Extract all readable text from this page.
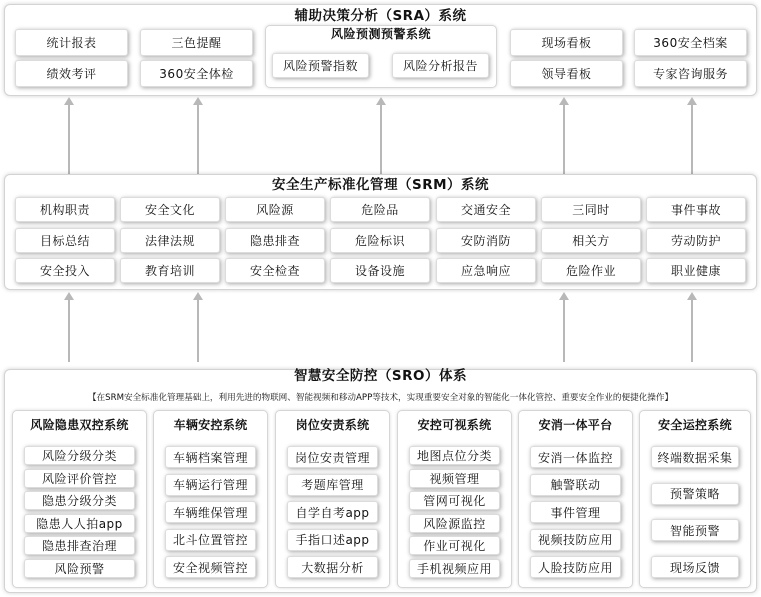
辅助决策分析（SRA）系统
统计报表	三色提醒
绩效考评	360安全体检
风险预测预警系统
风险预警指数	风险分析报告
现场看板	360安全档案
领导看板	专家咨询服务
安全生产标准化管理（SRM）系统
机构职责	安全文化	风险源	危险品	交通安全	三同时	事件事故
目标总结	法律法规	隐患排查	危险标识	安防消防	相关方	劳动防护
安全投入	教育培训	安全检查	设备设施	应急响应	危险作业	职业健康
智慧安全防控（SRO）体系
【在SRM安全标准化管理基础上，利用先进的物联网、智能视频和移动APP等技术，实现重要安全对象的智能化一体化管控、重要安全作业的便捷化操作】
风险隐患双控系统
风险分级分类
风险评价管控
隐患分级分类
隐患人人拍app
隐患排查治理
风险预警
车辆安控系统
车辆档案管理
车辆运行管理
车辆维保管理
北斗位置管控
安全视频管控
岗位安责系统
岗位安责管理
考题库管理
自学自考app
手指口述app
大数据分析
安控可视系统
地图点位分类
视频管理
管网可视化
风险源监控
作业可视化
手机视频应用
安消一体平台
安消一体监控
触警联动
事件管理
视频技防应用
人脸技防应用
安全运控系统
终端数据采集
预警策略
智能预警
现场反馈
